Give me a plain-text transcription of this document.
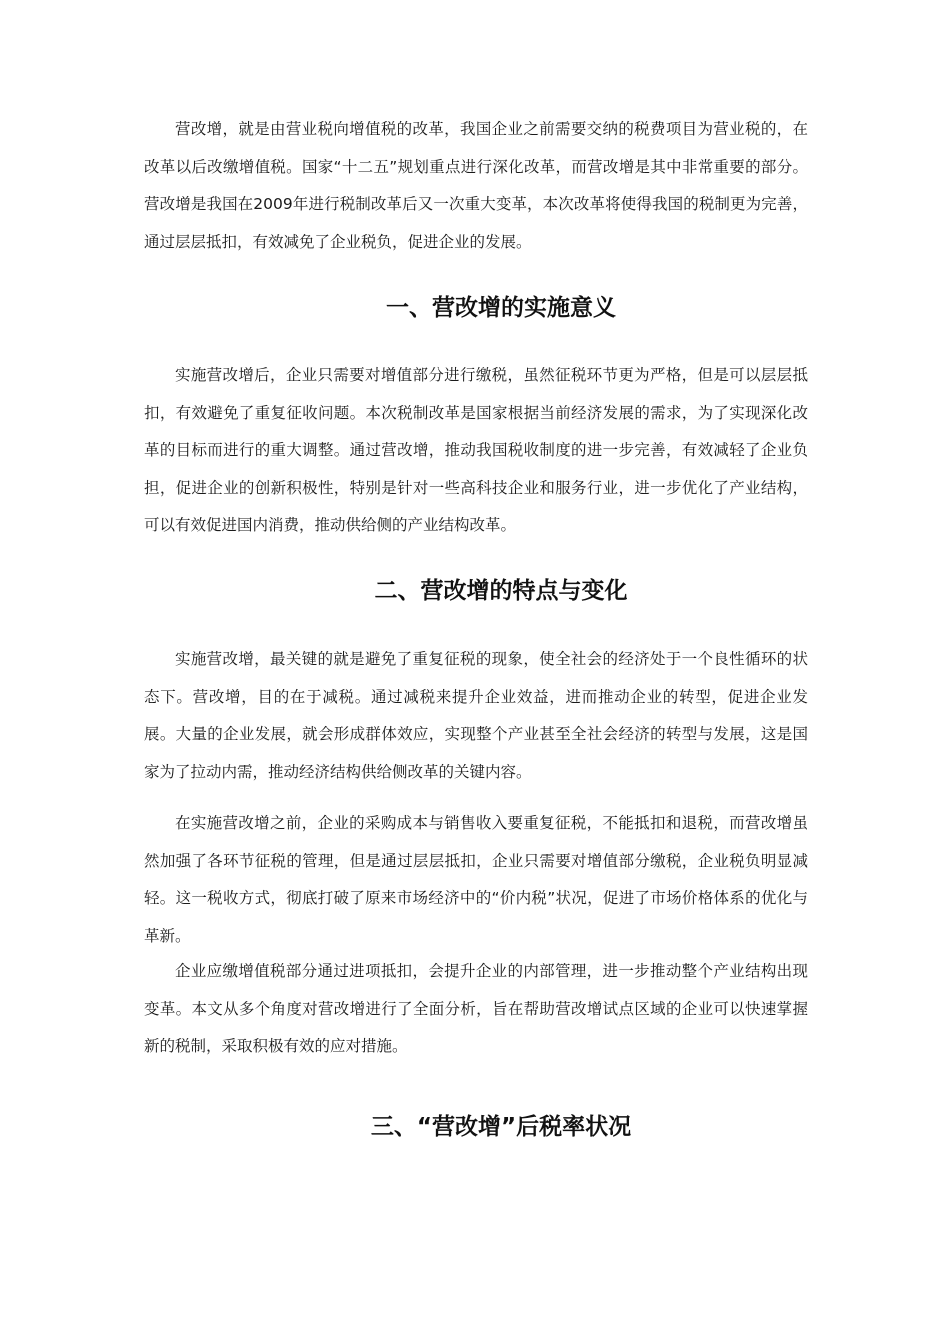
营改增，就是由营业税向增值税的改革，我国企业之前需要交纳的税费项目为营业税的，在改革以后改缴增值税。国家“十二五”规划重点进行深化改革，而营改增是其中非常重要的部分。营改增是我国在2009年进行税制改革后又一次重大变革，本次改革将使得我国的税制更为完善，通过层层抵扣，有效减免了企业税负，促进企业的发展。

一、营改增的实施意义

实施营改增后，企业只需要对增值部分进行缴税，虽然征税环节更为严格，但是可以层层抵扣，有效避免了重复征收问题。本次税制改革是国家根据当前经济发展的需求，为了实现深化改革的目标而进行的重大调整。通过营改增，推动我国税收制度的进一步完善，有效减轻了企业负担，促进企业的创新积极性，特别是针对一些高科技企业和服务行业，进一步优化了产业结构，可以有效促进国内消费，推动供给侧的产业结构改革。

二、营改增的特点与变化

实施营改增，最关键的就是避免了重复征税的现象，使全社会的经济处于一个良性循环的状态下。营改增，目的在于减税。通过减税来提升企业效益，进而推动企业的转型，促进企业发展。大量的企业发展，就会形成群体效应，实现整个产业甚至全社会经济的转型与发展，这是国家为了拉动内需，推动经济结构供给侧改革的关键内容。

在实施营改增之前，企业的采购成本与销售收入要重复征税，不能抵扣和退税，而营改增虽然加强了各环节征税的管理，但是通过层层抵扣，企业只需要对增值部分缴税，企业税负明显减轻。这一税收方式，彻底打破了原来市场经济中的“价内税”状况，促进了市场价格体系的优化与革新。

企业应缴增值税部分通过进项抵扣，会提升企业的内部管理，进一步推动整个产业结构出现变革。本文从多个角度对营改增进行了全面分析，旨在帮助营改增试点区域的企业可以快速掌握新的税制，采取积极有效的应对措施。

三、“营改增”后税率状况
